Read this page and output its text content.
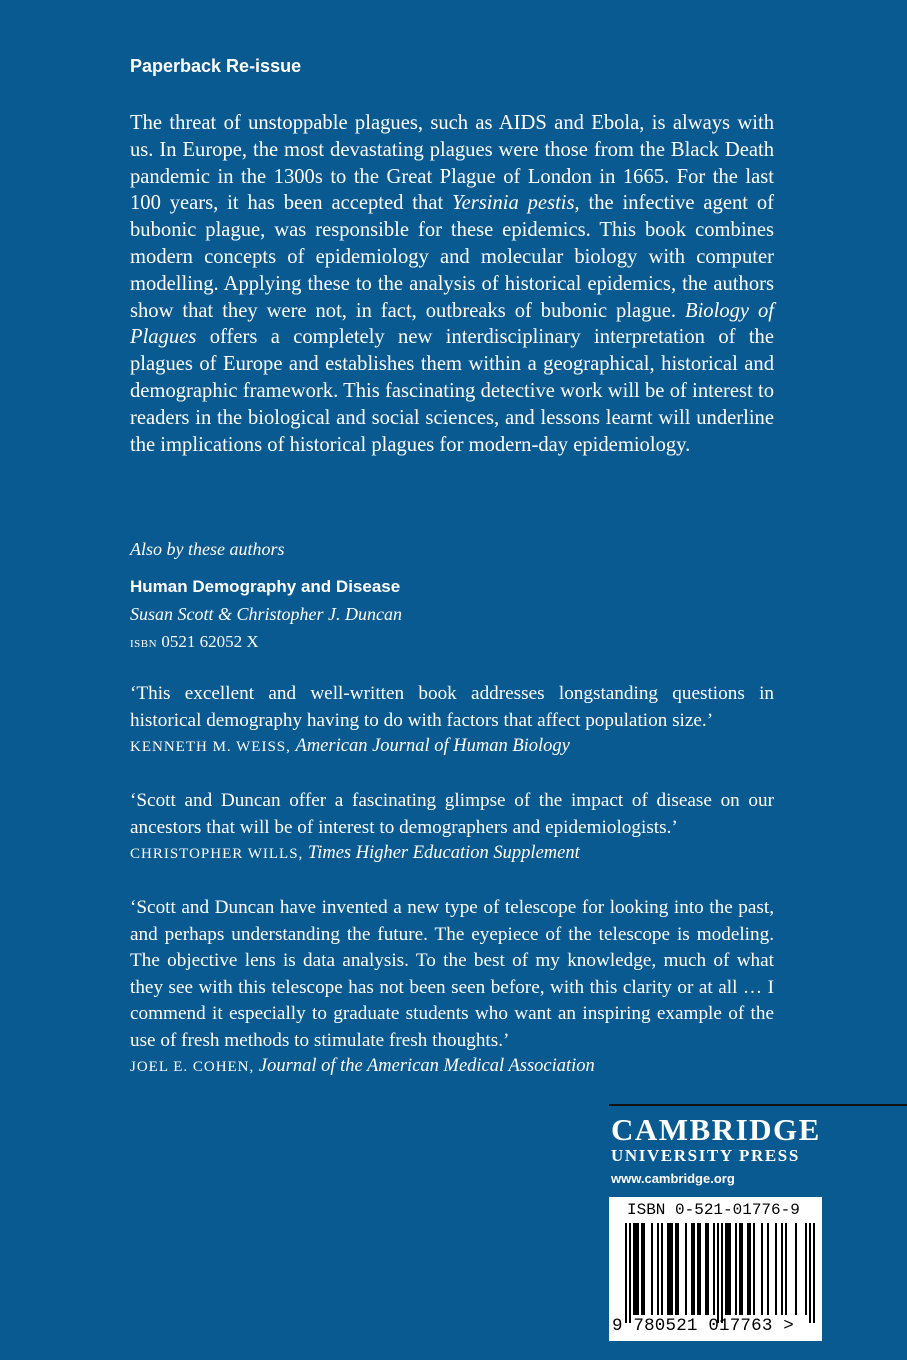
Paperback Re-issue

The threat of unstoppable plagues, such as AIDS and Ebola, is always with us. In Europe, the most devastating plagues were those from the Black Death pandemic in the 1300s to the Great Plague of London in 1665. For the last 100 years, it has been accepted that Yersinia pestis, the infective agent of bubonic plague, was responsible for these epidemics. This book combines modern concepts of epidemiology and molecular biology with computer modelling. Applying these to the analysis of historical epidemics, the authors show that they were not, in fact, outbreaks of bubonic plague. Biology of Plagues offers a completely new interdisciplinary interpretation of the plagues of Europe and establishes them within a geographical, historical and demographic framework. This fascinating detective work will be of interest to readers in the biological and social sciences, and lessons learnt will underline the implications of historical plagues for modern-day epidemiology.

Also by these authors
Human Demography and Disease
Susan Scott & Christopher J. Duncan
ISBN 0521 62052 X

‘This excellent and well-written book addresses longstanding questions in historical demography having to do with factors that affect population size.’

KENNETH M. WEISS, American Journal of Human Biology

‘Scott and Duncan offer a fascinating glimpse of the impact of disease on our ancestors that will be of interest to demographers and epidemiologists.’

CHRISTOPHER WILLS, Times Higher Education Supplement

‘Scott and Duncan have invented a new type of telescope for looking into the past, and perhaps understanding the future. The eyepiece of the telescope is modeling. The objective lens is data analysis. To the best of my knowledge, much of what they see with this telescope has not been seen before, with this clarity or at all … I commend it especially to graduate students who want an inspiring example of the use of fresh methods to stimulate fresh thoughts.’

JOEL E. COHEN, Journal of the American Medical Association
CAMBRIDGE
UNIVERSITY PRESS
www.cambridge.org
ISBN 0-521-01776-9
9 780521 017763 >
